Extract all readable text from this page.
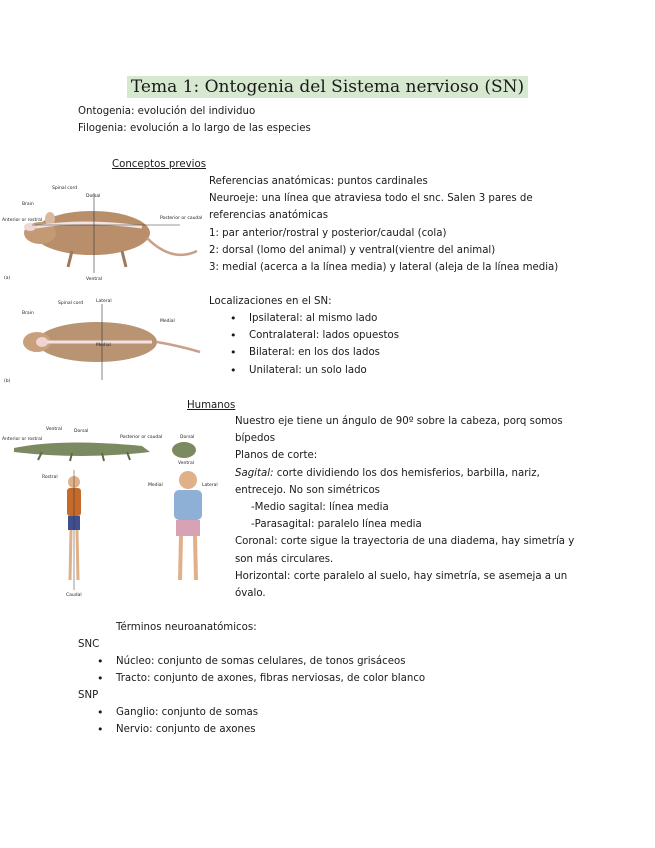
Tema 1: Ontogenia del Sistema nervioso (SN)
Ontogenia: evolución del individuo
Filogenia: evolución a lo largo de las especies
Conceptos previos
Referencias anatómicas: puntos cardinales
Neuroeje: una línea que atraviesa todo el snc. Salen 3 pares de
referencias anatómicas
1: par anterior/rostral y posterior/caudal (cola)
2: dorsal (lomo del animal) y ventral(vientre del animal)
3: medial (acerca a la línea media) y lateral (aleja de la línea media)
Localizaciones en el SN:
• Ipsilateral: al mismo lado
• Contralateral: lados opuestos
• Bilateral: en los dos lados
• Unilateral: un solo lado
Spinal cord
Dorsal
Brain
Anterior or rostral	Posterior or caudal
Ventral
(a)
Spinal cord	Lateral
Brain
Medial
Medial
(b)
Humanos
Nuestro eje tiene un ángulo de 90º sobre la cabeza, porq somos
bípedos
Planos de corte:
Sagital: corte dividiendo los dos hemisferios, barbilla, nariz,
entrecejo. No son simétricos
-Medio sagital: línea media
-Parasagital: paralelo línea media
Coronal: corte sigue la trayectoria de una diadema, hay simetría y
son más circulares.
Horizontal: corte paralelo al suelo, hay simetría, se asemeja a un
óvalo.
Ventral	Dorsal
Anterior or rostral	Posterior or caudal
Medial	Lateral
Dorsal
Ventral
Caudal
Rostral
Términos neuroanatómicos:
SNC
• Núcleo: conjunto de somas celulares, de tonos grisáceos
• Tracto: conjunto de axones, fibras nerviosas, de color blanco
SNP
• Ganglio: conjunto de somas
• Nervio: conjunto de axones
